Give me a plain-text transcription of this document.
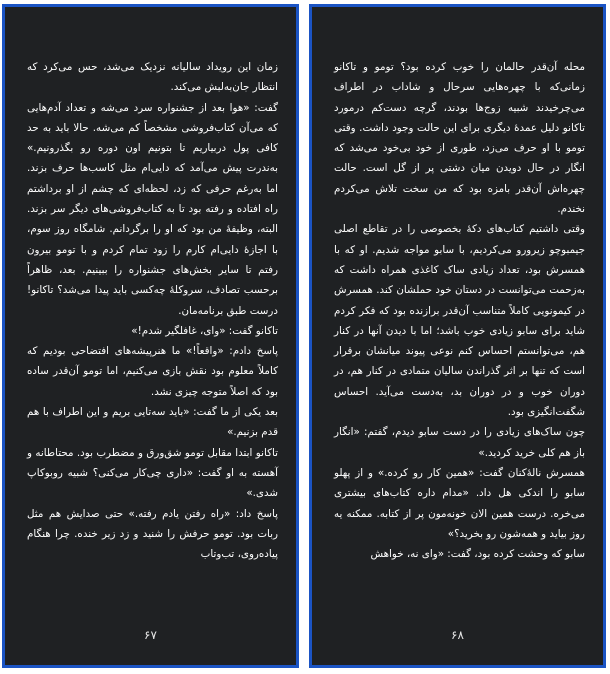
زمان این رویداد سالیانه نزدیک می‌شد، حس می‌کرد که انتظار جان‌به‌لبش می‌کند.

گفت: «هوا بعد از جشنواره سرد می‌شه و تعداد آدم‌هایی که می‌آن کتاب‌فروشی مشخصاً کم می‌شه. حالا باید به حد کافی پول دربیاریم تا بتونیم اون دوره رو بگذرونیم.» به‌ندرت پیش می‌آمد که دایی‌ام مثل کاسب‌ها حرف بزند. اما به‌رغم حرفی که زد، لحظه‌ای که چشم از او برداشتم راه افتاده و رفته بود تا به کتاب‌فروشی‌های دیگر سر بزند. البته، وظیفهٔ من بود که او را برگردانم. شامگاه روز سوم، با اجازهٔ دایی‌ام کارم را زود تمام کردم و با تومو بیرون رفتم تا سایر بخش‌های جشنواره را ببینیم. بعد، ظاهراً برحسب تصادف، سروکلهٔ چه‌کسی باید پیدا می‌شد؟ تاکانو! درست طبق برنامه‌مان.

تاکانو گفت: «وای، غافلگیر شدم!»

پاسخ دادم: «واقعاً!» ما هنرپیشه‌های افتضاحی بودیم که کاملاً معلوم بود نقش بازی می‌کنیم، اما تومو آن‌قدر ساده بود که اصلاً متوجه چیزی نشد.

بعد یکی از ما گفت: «باید سه‌تایی بریم و این اطراف با هم قدم بزنیم.»

تاکانو ابتدا مقابل تومو شق‌ورق و مضطرب بود. محتاطانه و آهسته به او گفت: «داری چی‌کار می‌کنی؟ شبیه روبوکاپ شدی.»

پاسخ داد: «راه رفتن یادم رفته.» حتی صدایش هم مثل ربات بود. تومو حرفش را شنید و زد زیر خنده. چرا هنگام پیاده‌روی، تب‌وتاب

۶۷

محله آن‌قدر حالمان را خوب کرده بود؟ تومو و تاکانو زمانی‌که با چهره‌هایی سرحال و شاداب در اطراف می‌چرخیدند شبیه زوج‌ها بودند، گرچه دست‌کم درمورد تاکانو دلیل عمدهٔ دیگری برای این حالت وجود داشت. وقتی تومو با او حرف می‌زد، طوری از خود بی‌خود می‌شد که انگار در حال دویدن میان دشتی پر از گل است. حالت چهره‌اش آن‌قدر بامزه بود که من سخت تلاش می‌کردم نخندم.

وقتی داشتیم کتاب‌های دکهٔ بخصوصی را در تقاطع اصلی جیمبوچو زیرورو می‌کردیم، با سابو مواجه شدیم. او که با همسرش بود، تعداد زیادی ساک کاغذی همراه داشت که به‌زحمت می‌توانست در دستان خود حملشان کند. همسرش در کیمونویی کاملاً متناسب آن‌قدر برازنده بود که فکر کردم شاید برای سابو زیادی خوب باشد؛ اما با دیدن آنها در کنار هم، می‌توانستم احساس کنم نوعی پیوند میانشان برقرار است که تنها بر اثر گذراندن سالیان متمادی در کنار هم، در دوران خوب و در دوران بد، به‌دست می‌آید. احساس شگفت‌انگیزی بود.

چون ساک‌های زیادی را در دست سابو دیدم، گفتم: «انگار باز هم کلی خرید کردید.»

همسرش نالهٔ‌کنان گفت: «همین کار رو کرده.» و از پهلو سابو را اندکی هل داد. «مدام داره کتاب‌های بیشتری می‌خره. درست همین الان خونه‌مون پر از کتابه. ممکنه یه روز بیاید و همه‌شون رو بخرید؟»

سابو که وحشت کرده بود، گفت: «وای نه، خواهش

۶۸
